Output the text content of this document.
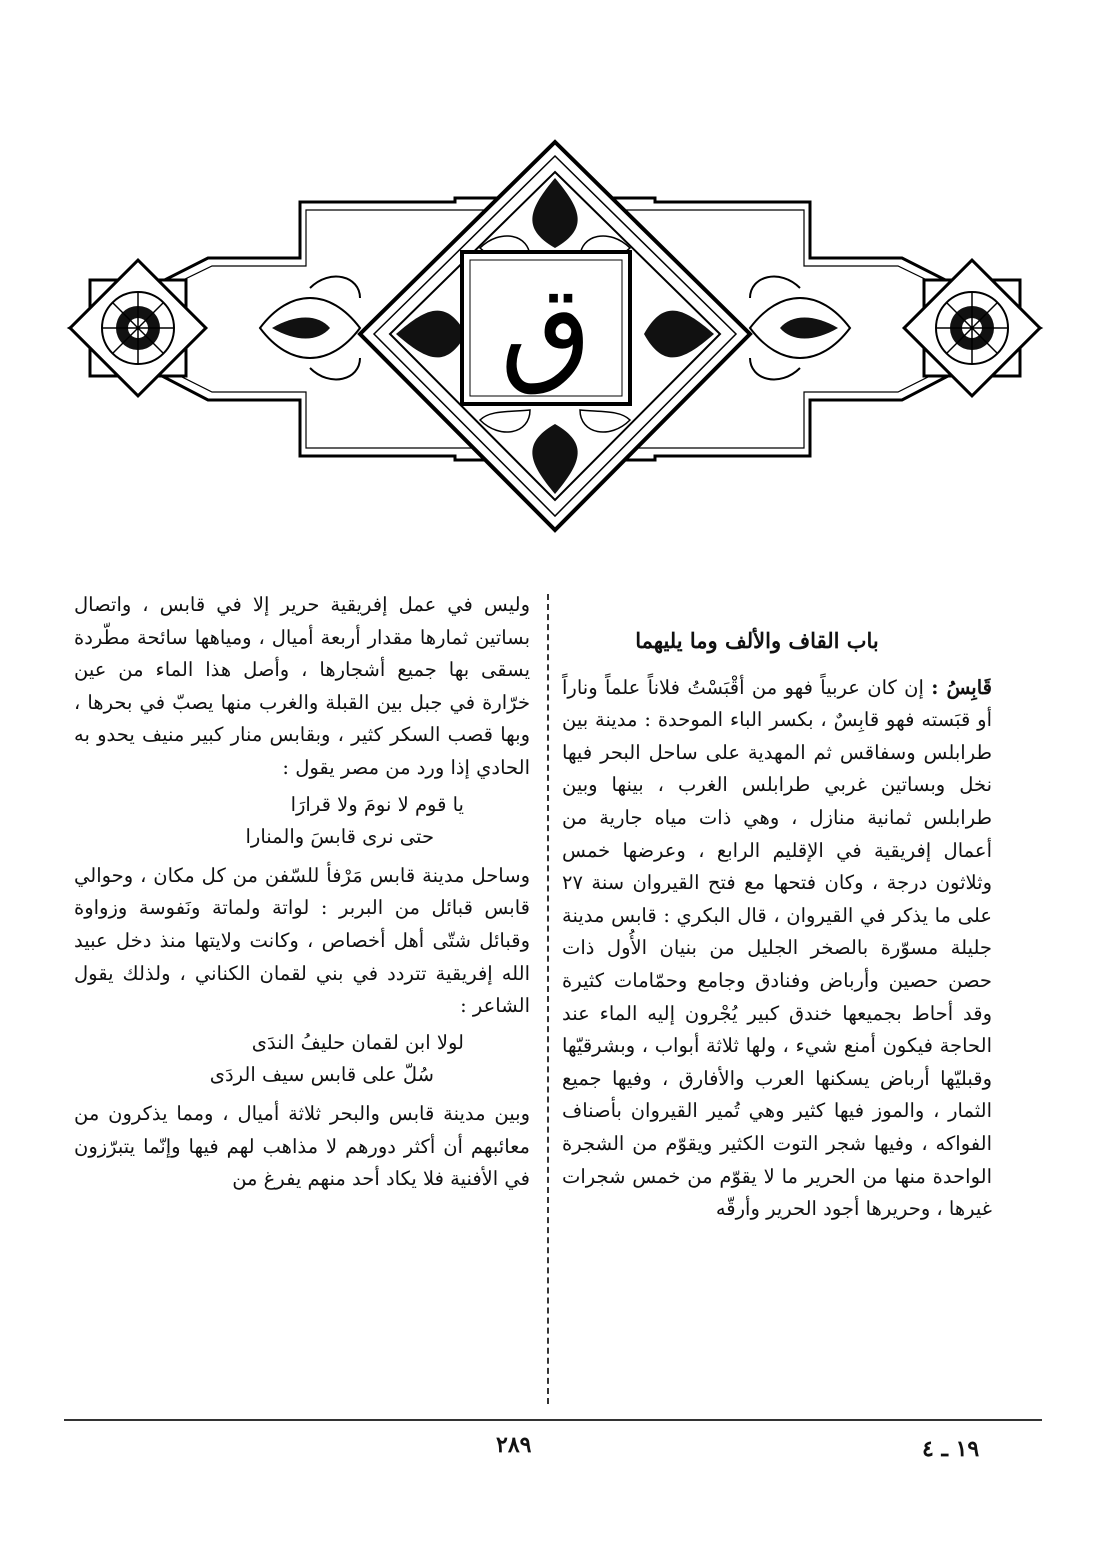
ق

باب القاف والألف وما يليهما

قَابِسُ : إن كان عربياً فهو من أقْبَسْتُ فلاناً علماً وناراً أو قبَسته فهو قابِسٌ ، بكسر الباء الموحدة : مدينة بين طرابلس وسفاقس ثم المهدية على ساحل البحر فيها نخل وبساتين غربي طرابلس الغرب ، بينها وبين طرابلس ثمانية منازل ، وهي ذات مياه جارية من أعمال إفريقية في الإقليم الرابع ، وعرضها خمس وثلاثون درجة ، وكان فتحها مع فتح القيروان سنة ٢٧ على ما يذكر في القيروان ، قال البكري : قابس مدينة جليلة مسوّرة بالصخر الجليل من بنيان الأُول ذات حصن حصين وأرباض وفنادق وجامع وحمّامات كثيرة وقد أحاط بجميعها خندق كبير يُجْرون إليه الماء عند الحاجة فيكون أمنع شيء ، ولها ثلاثة أبواب ، وبشرقيّها وقبليّها أرباض يسكنها العرب والأفارق ، وفيها جميع الثمار ، والموز فيها كثير وهي تُمير القيروان بأصناف الفواكه ، وفيها شجر التوت الكثير ويقوّم من الشجرة الواحدة منها من الحرير ما لا يقوّم من خمس شجرات غيرها ، وحريرها أجود الحرير وأرقّه

وليس في عمل إفريقية حرير إلا في قابس ، واتصال بساتين ثمارها مقدار أربعة أميال ، ومياهها سائحة مطّردة يسقى بها جميع أشجارها ، وأصل هذا الماء من عين خرّارة في جبل بين القبلة والغرب منها يصبّ في بحرها ، وبها قصب السكر كثير ، وبقابس منار كبير منيف يحدو به الحادي إذا ورد من مصر يقول :

يا قوم لا نومَ ولا قرارَا
حتى نرى قابسَ والمنارا

وساحل مدينة قابس مَرْفأ للسّفن من كل مكان ، وحوالي قابس قبائل من البربر : لواتة ولماتة ونَفوسة وزواوة وقبائل شتّى أهل أخصاص ، وكانت ولايتها منذ دخل عبيد الله إفريقية تتردد في بني لقمان الكناني ، ولذلك يقول الشاعر :

لولا ابن لقمان حليفُ الندَى
سُلّ على قابس سيف الردَى

وبين مدينة قابس والبحر ثلاثة أميال ، ومما يذكرون من معائبهم أن أكثر دورهم لا مذاهب لهم فيها وإنّما يتبرّزون في الأفنية فلا يكاد أحد منهم يفرغ من

٢٨٩	١٩ ـ ٤
